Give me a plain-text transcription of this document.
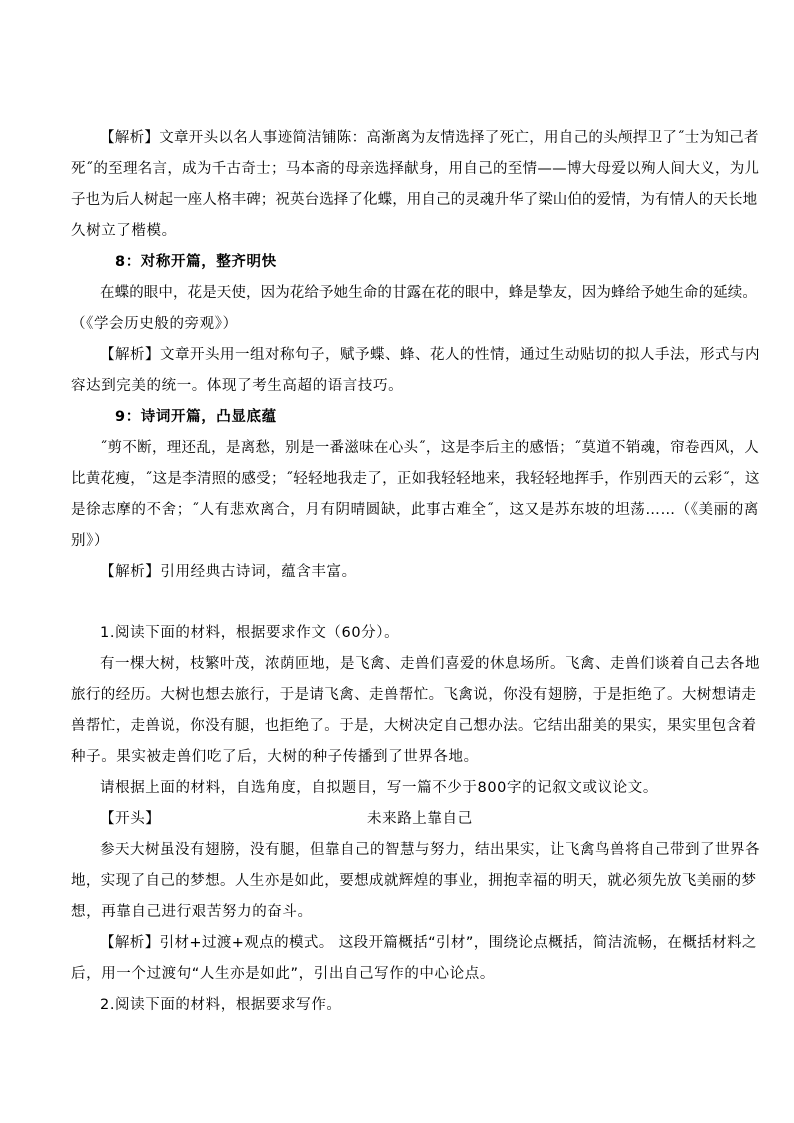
【解析】文章开头以名人事迹简洁铺陈：高渐离为友情选择了死亡，用自己的头颅捍卫了˝士为知己者
死˝的至理名言，成为千古奇士；马本斋的母亲选择献身，用自己的至情——博大母爱以殉人间大义，为儿
子也为后人树起一座人格丰碑；祝英台选择了化蝶，用自己的灵魂升华了梁山伯的爱情，为有情人的天长地
久树立了楷模。
8：对称开篇，整齐明快
在蝶的眼中，花是天使，因为花给予她生命的甘露在花的眼中，蜂是挚友，因为蜂给予她生命的延续。
（《学会历史般的旁观》）
【解析】文章开头用一组对称句子，赋予蝶、蜂、花人的性情，通过生动贴切的拟人手法，形式与内
容达到完美的统一。体现了考生高超的语言技巧。
9：诗词开篇，凸显底蕴
˝剪不断，理还乱，是离愁，别是一番滋味在心头˝，这是李后主的感悟；˝莫道不销魂，帘卷西风，人
比黄花瘦，˝这是李清照的感受；˝轻轻地我走了，正如我轻轻地来，我轻轻地挥手，作别西天的云彩˝，这
是徐志摩的不舍；˝人有悲欢离合，月有阴晴圆缺，此事古难全˝，这又是苏东坡的坦荡……（《美丽的离
别》）
【解析】引用经典古诗词，蕴含丰富。
1.阅读下面的材料，根据要求作文（60分）。
有一棵大树，枝繁叶茂，浓荫匝地，是飞禽、走兽们喜爱的休息场所。飞禽、走兽们谈着自己去各地
旅行的经历。大树也想去旅行，于是请飞禽、走兽帮忙。飞禽说，你没有翅膀，于是拒绝了。大树想请走
兽帮忙，走兽说，你没有腿，也拒绝了。于是，大树决定自己想办法。它结出甜美的果实，果实里包含着
种子。果实被走兽们吃了后，大树的种子传播到了世界各地。
请根据上面的材料，自选角度，自拟题目，写一篇不少于800字的记叙文或议论文。
【开头】	未来路上靠自己
参天大树虽没有翅膀，没有腿，但靠自己的智慧与努力，结出果实，让飞禽鸟兽将自己带到了世界各
地，实现了自己的梦想。人生亦是如此，要想成就辉煌的事业，拥抱幸福的明天，就必须先放飞美丽的梦
想，再靠自己进行艰苦努力的奋斗。
【解析】引材+过渡+观点的模式。 这段开篇概括“引材”，围绕论点概括，简洁流畅，在概括材料之
后，用一个过渡句“人生亦是如此”，引出自己写作的中心论点。
2.阅读下面的材料，根据要求写作。
